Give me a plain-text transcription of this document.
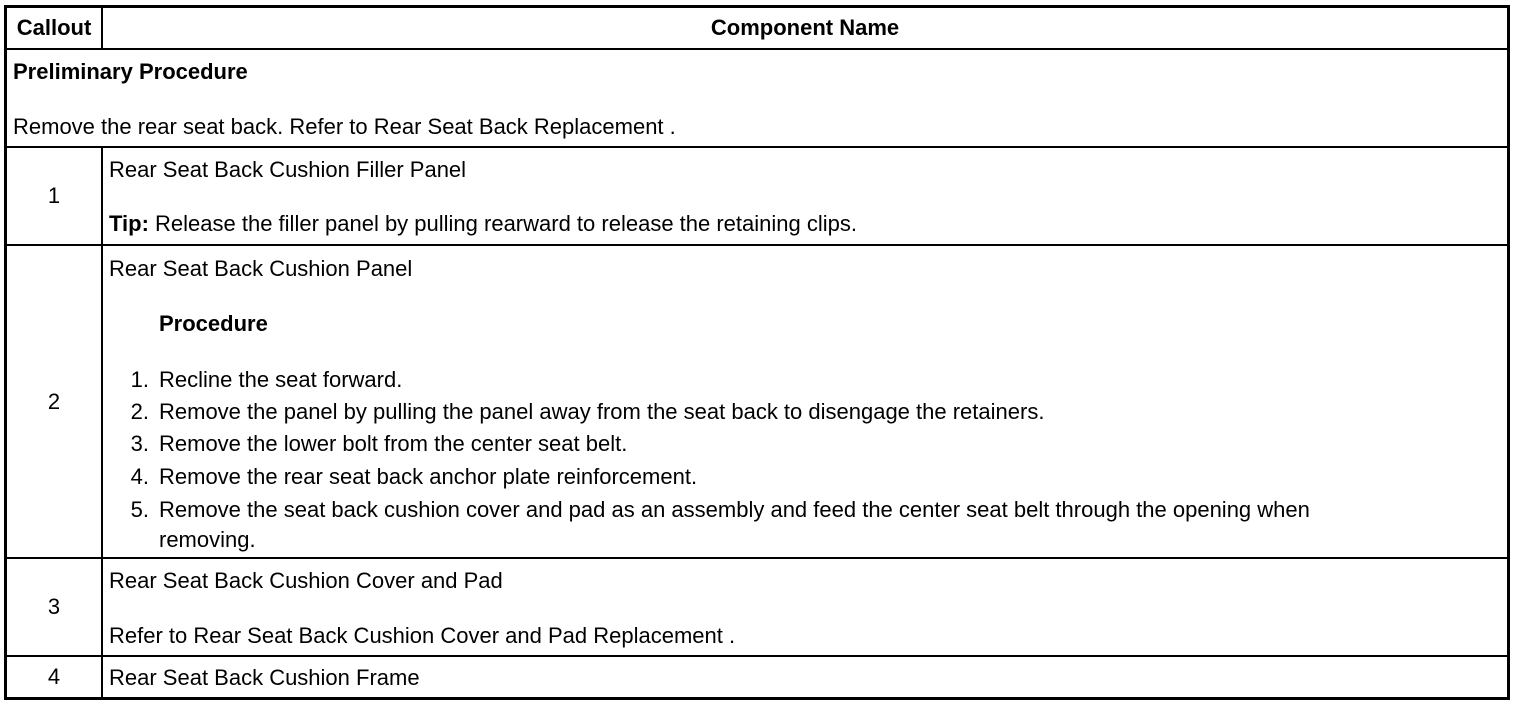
Callout	Component Name
Preliminary Procedure
Remove the rear seat back. Refer to Rear Seat Back Replacement .
1
Rear Seat Back Cushion Filler Panel
Tip: Release the filler panel by pulling rearward to release the retaining clips.
2
Rear Seat Back Cushion Panel
Procedure
1. Recline the seat forward.
2. Remove the panel by pulling the panel away from the seat back to disengage the retainers.
3. Remove the lower bolt from the center seat belt.
4. Remove the rear seat back anchor plate reinforcement.
5. Remove the seat back cushion cover and pad as an assembly and feed the center seat belt through the opening when
removing.
3
Rear Seat Back Cushion Cover and Pad
Refer to Rear Seat Back Cushion Cover and Pad Replacement .
4 Rear Seat Back Cushion Frame
